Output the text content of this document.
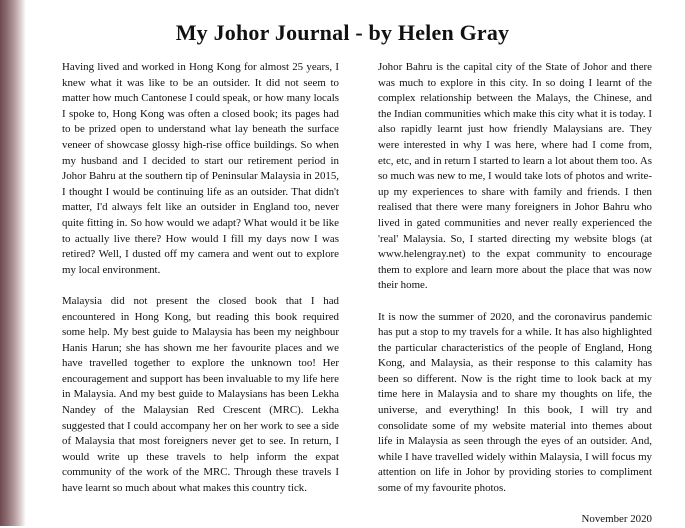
My Johor Journal - by Helen Gray

Having lived and worked in Hong Kong for almost 25 years, I knew what it was like to be an outsider. It did not seem to matter how much Cantonese I could speak, or how many locals I spoke to, Hong Kong was often a closed book; its pages had to be prized open to understand what lay beneath the surface veneer of showcase glossy high-rise office buildings. So when my husband and I decided to start our retirement period in Johor Bahru at the southern tip of Peninsular Malaysia in 2015, I thought I would be continuing life as an outsider. That didn't matter, I'd always felt like an outsider in England too, never quite fitting in. So how would we adapt? What would it be like to actually live there? How would I fill my days now I was retired? Well, I dusted off my camera and went out to explore my local environment.

Malaysia did not present the closed book that I had encountered in Hong Kong, but reading this book required some help. My best guide to Malaysia has been my neighbour Hanis Harun; she has shown me her favourite places and we have travelled together to explore the unknown too! Her encouragement and support has been invaluable to my life here in Malaysia. And my best guide to Malaysians has been Lekha Nandey of the Malaysian Red Crescent (MRC). Lekha suggested that I could accompany her on her work to see a side of Malaysia that most foreigners never get to see. In return, I would write up these travels to help inform the expat community of the work of the MRC. Through these travels I have learnt so much about what makes this country tick.

Johor Bahru is the capital city of the State of Johor and there was much to explore in this city. In so doing I learnt of the complex relationship between the Malays, the Chinese, and the Indian communities which make this city what it is today. I also rapidly learnt just how friendly Malaysians are. They were interested in why I was here, where had I come from, etc, etc, and in return I started to learn a lot about them too. As so much was new to me, I would take lots of photos and write-up my experiences to share with family and friends. I then realised that there were many foreigners in Johor Bahru who lived in gated communities and never really experienced the 'real' Malaysia. So, I started directing my website blogs (at www.helengray.net) to the expat community to encourage them to explore and learn more about the place that was now their home.

It is now the summer of 2020, and the coronavirus pandemic has put a stop to my travels for a while. It has also highlighted the particular characteristics of the people of England, Hong Kong, and Malaysia, as their response to this calamity has been so different. Now is the right time to look back at my time here in Malaysia and to share my thoughts on life, the universe, and everything! In this book, I will try and consolidate some of my website material into themes about life in Malaysia as seen through the eyes of an outsider. And, while I have travelled widely within Malaysia, I will focus my attention on life in Johor by providing stories to compliment some of my favourite photos.

November 2020
